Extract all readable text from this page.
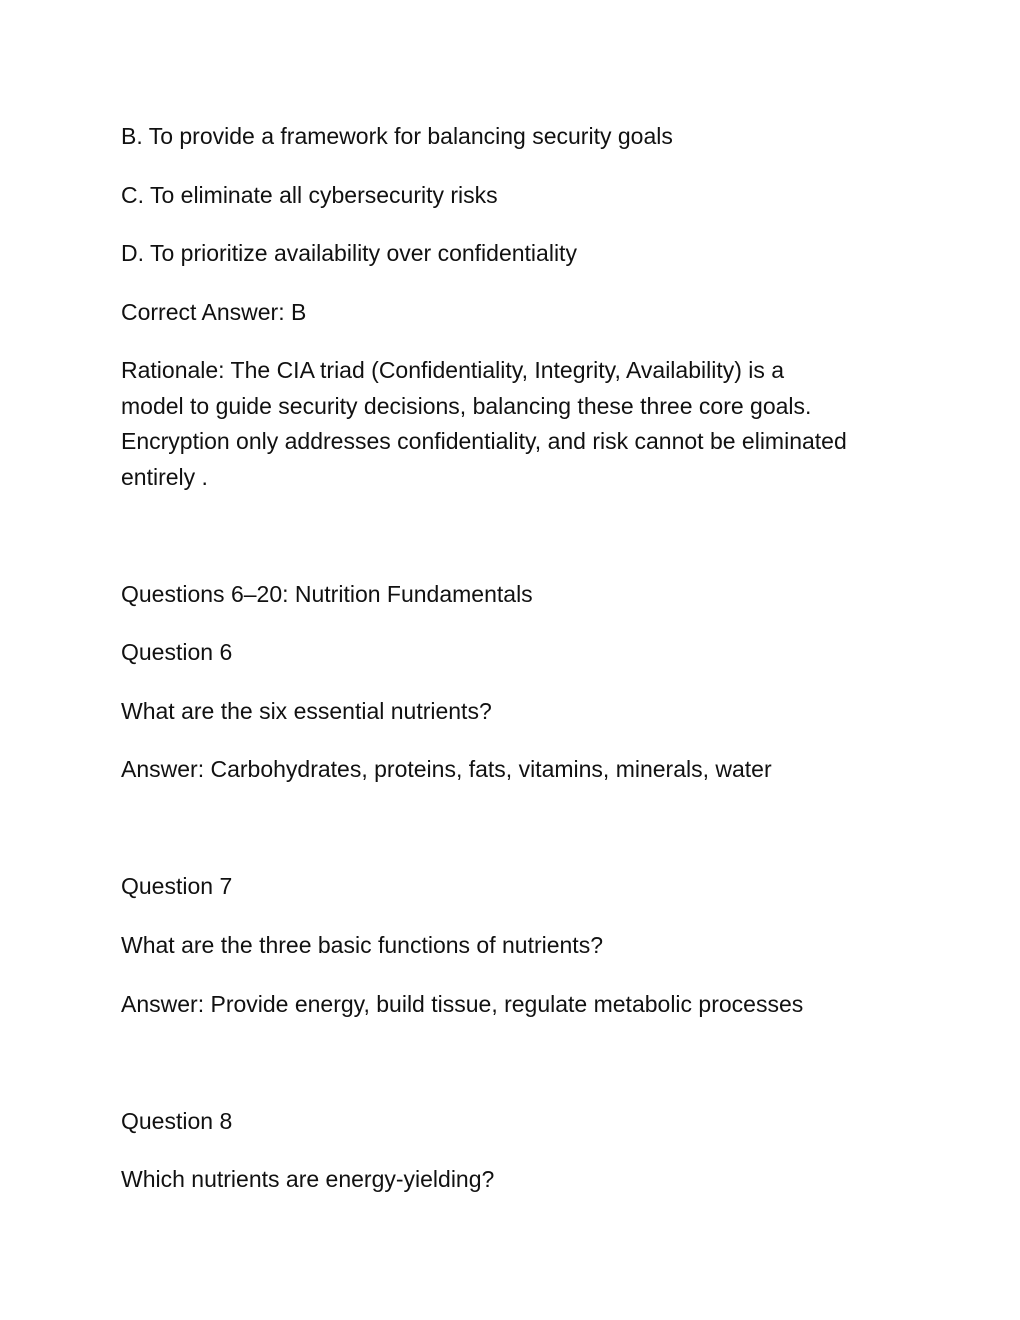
B. To provide a framework for balancing security goals
C. To eliminate all cybersecurity risks
D. To prioritize availability over confidentiality
Correct Answer: B
Rationale: The CIA triad (Confidentiality, Integrity, Availability) is a
model to guide security decisions, balancing these three core goals.
Encryption only addresses confidentiality, and risk cannot be eliminated
entirely .
Questions 6–20: Nutrition Fundamentals
Question 6
What are the six essential nutrients?
Answer: Carbohydrates, proteins, fats, vitamins, minerals, water
Question 7
What are the three basic functions of nutrients?
Answer: Provide energy, build tissue, regulate metabolic processes
Question 8
Which nutrients are energy-yielding?
